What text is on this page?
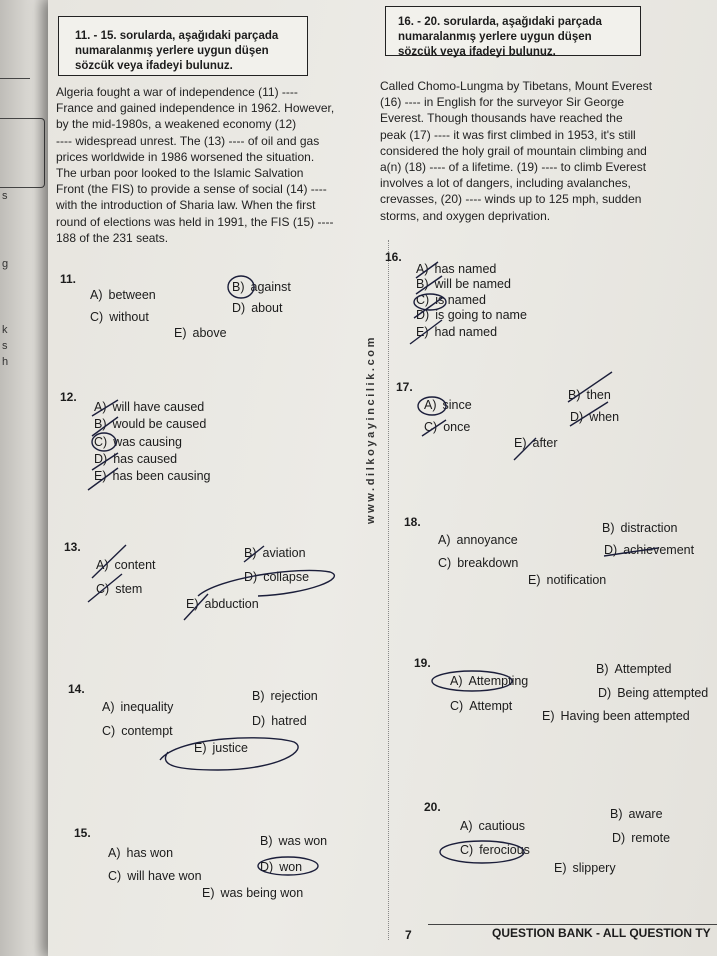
s
g
k
s
h
11. - 15. sorularda, aşağıdaki parçada numaralanmış yerlere uygun düşen sözcük veya ifadeyi bulunuz.
16. - 20. sorularda, aşağıdaki parçada numaralanmış yerlere uygun düşen sözcük veya ifadeyi bulunuz.
Algeria fought a war of independence (11) ----
France and gained independence in 1962. However,
by the mid-1980s, a weakened economy (12)
---- widespread unrest. The (13) ---- of oil and gas
prices worldwide in 1986 worsened the situation.
The urban poor looked to the Islamic Salvation
Front (the FIS) to provide a sense of social (14) ----
with the introduction of Sharia law. When the first
round of elections was held in 1991, the FIS (15) ----
188 of the 231 seats.
Called Chomo-Lungma by Tibetans, Mount Everest
(16) ---- in English for the surveyor Sir George
Everest. Though thousands have reached the
peak (17) ---- it was first climbed in 1953, it's still
considered the holy grail of mountain climbing and
a(n) (18) ---- of a lifetime. (19) ---- to climb Everest
involves a lot of dangers, including avalanches,
crevasses, (20) ---- winds up to 125 mph, sudden
storms, and oxygen deprivation.
www.dilkoyayincilik.com
11.
A) between
B) against
C) without
D) about
E) above
12.
A) will have caused
B) would be caused
C) was causing
D) has caused
E) has been causing
13.
A) content
B) aviation
C) stem
D) collapse
E) abduction
14.
A) inequality
B) rejection
C) contempt
D) hatred
E) justice
15.
A) has won
B) was won
C) will have won
D) won
E) was being won
16.
A) has named
B) will be named
C) is named
D) is going to name
E) had named
17.
A) since
B) then
C) once
D) when
E) after
18.
A) annoyance
B) distraction
C) breakdown
D) achievement
E) notification
19.
A) Attempting
B) Attempted
C) Attempt
D) Being attempted
E) Having been attempted
20.
A) cautious
B) aware
C) ferocious
D) remote
E) slippery
7	QUESTION BANK - ALL QUESTION TY
